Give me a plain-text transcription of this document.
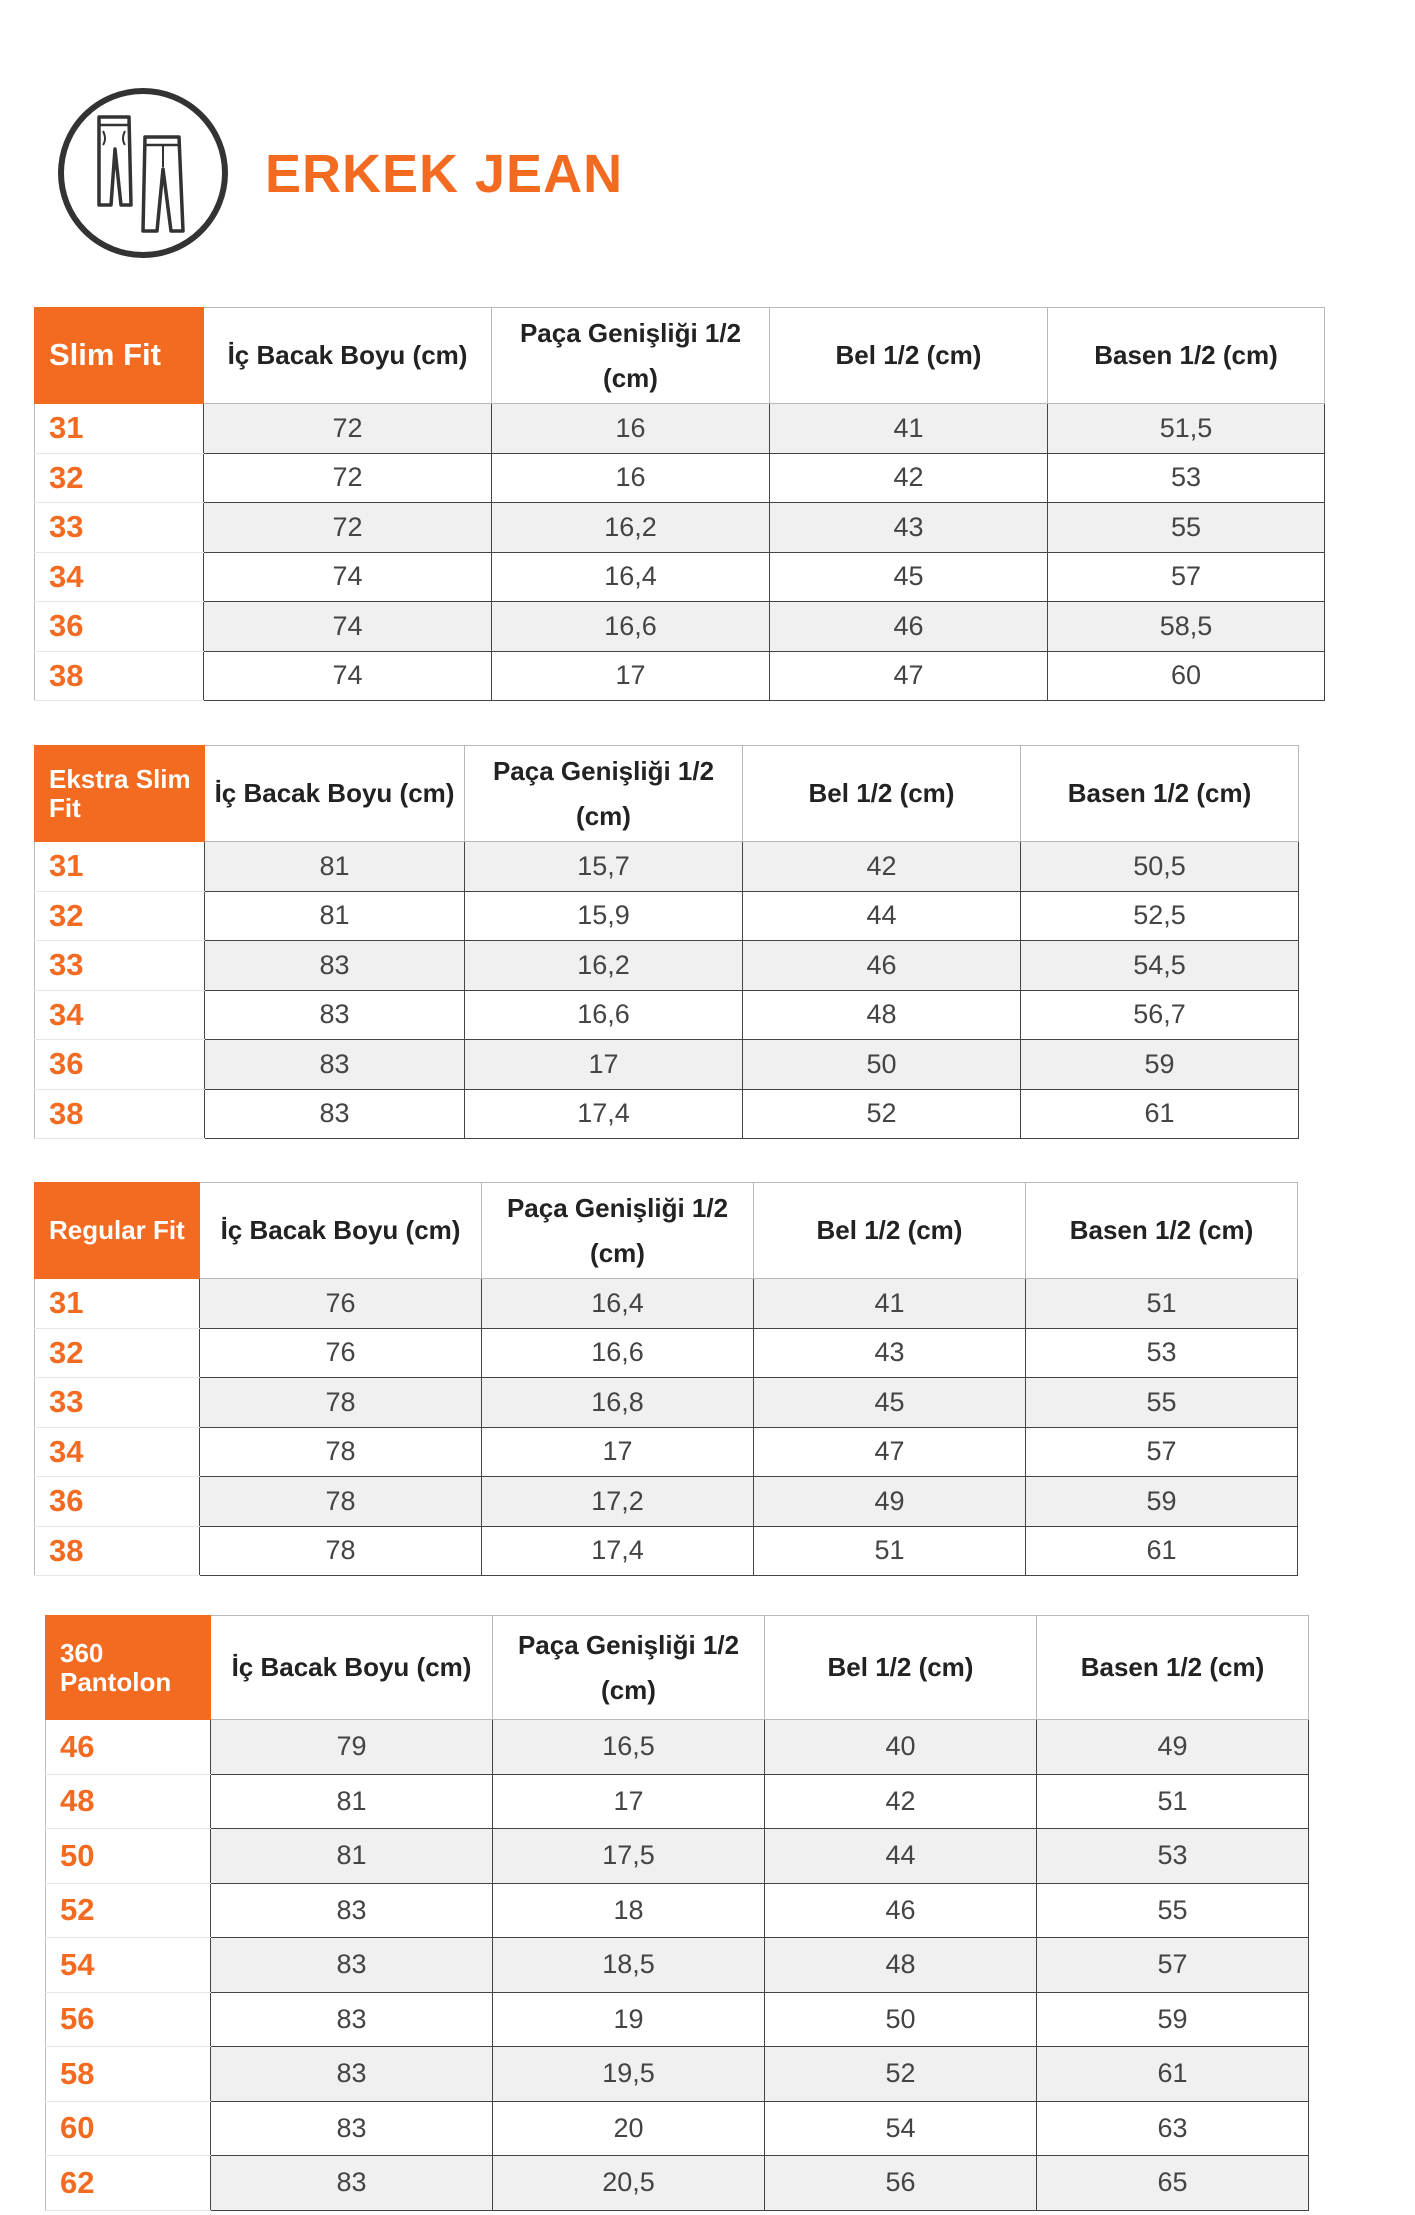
ERKEK JEAN
Slim Fit	İç Bacak Boyu (cm)	Paça Genişliği 1/2 (cm)	Bel 1/2 (cm)	Basen 1/2 (cm)
31	72	16	41	51,5
32	72	16	42	53
33	72	16,2	43	55
34	74	16,4	45	57
36	74	16,6	46	58,5
38	74	17	47	60
Ekstra Slim Fit	İç Bacak Boyu (cm)	Paça Genişliği 1/2 (cm)	Bel 1/2 (cm)	Basen 1/2 (cm)
31	81	15,7	42	50,5
32	81	15,9	44	52,5
33	83	16,2	46	54,5
34	83	16,6	48	56,7
36	83	17	50	59
38	83	17,4	52	61
Regular Fit	İç Bacak Boyu (cm)	Paça Genişliği 1/2 (cm)	Bel 1/2 (cm)	Basen 1/2 (cm)
31	76	16,4	41	51
32	76	16,6	43	53
33	78	16,8	45	55
34	78	17	47	57
36	78	17,2	49	59
38	78	17,4	51	61
360 Pantolon	İç Bacak Boyu (cm)	Paça Genişliği 1/2 (cm)	Bel 1/2 (cm)	Basen 1/2 (cm)
46	79	16,5	40	49
48	81	17	42	51
50	81	17,5	44	53
52	83	18	46	55
54	83	18,5	48	57
56	83	19	50	59
58	83	19,5	52	61
60	83	20	54	63
62	83	20,5	56	65
